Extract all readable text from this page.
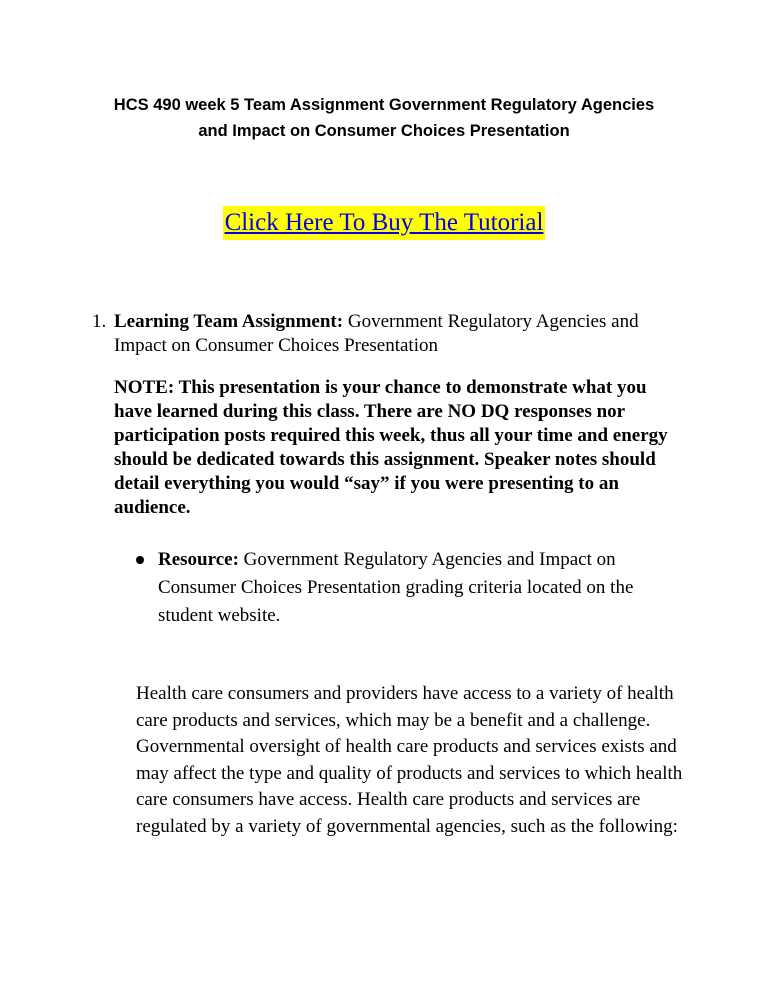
HCS 490 week 5 Team Assignment Government Regulatory Agencies
and Impact on Consumer Choices Presentation
Click Here To Buy The Tutorial
1. Learning Team Assignment: Government Regulatory Agencies and Impact on Consumer Choices Presentation
NOTE: This presentation is your chance to demonstrate what you have learned during this class. There are NO DQ responses nor participation posts required this week, thus all your time and energy should be dedicated towards this assignment. Speaker notes should detail everything you would “say” if you were presenting to an audience.
Resource: Government Regulatory Agencies and Impact on Consumer Choices Presentation grading criteria located on the student website.
Health care consumers and providers have access to a variety of health care products and services, which may be a benefit and a challenge. Governmental oversight of health care products and services exists and may affect the type and quality of products and services to which health care consumers have access. Health care products and services are regulated by a variety of governmental agencies, such as the following:
